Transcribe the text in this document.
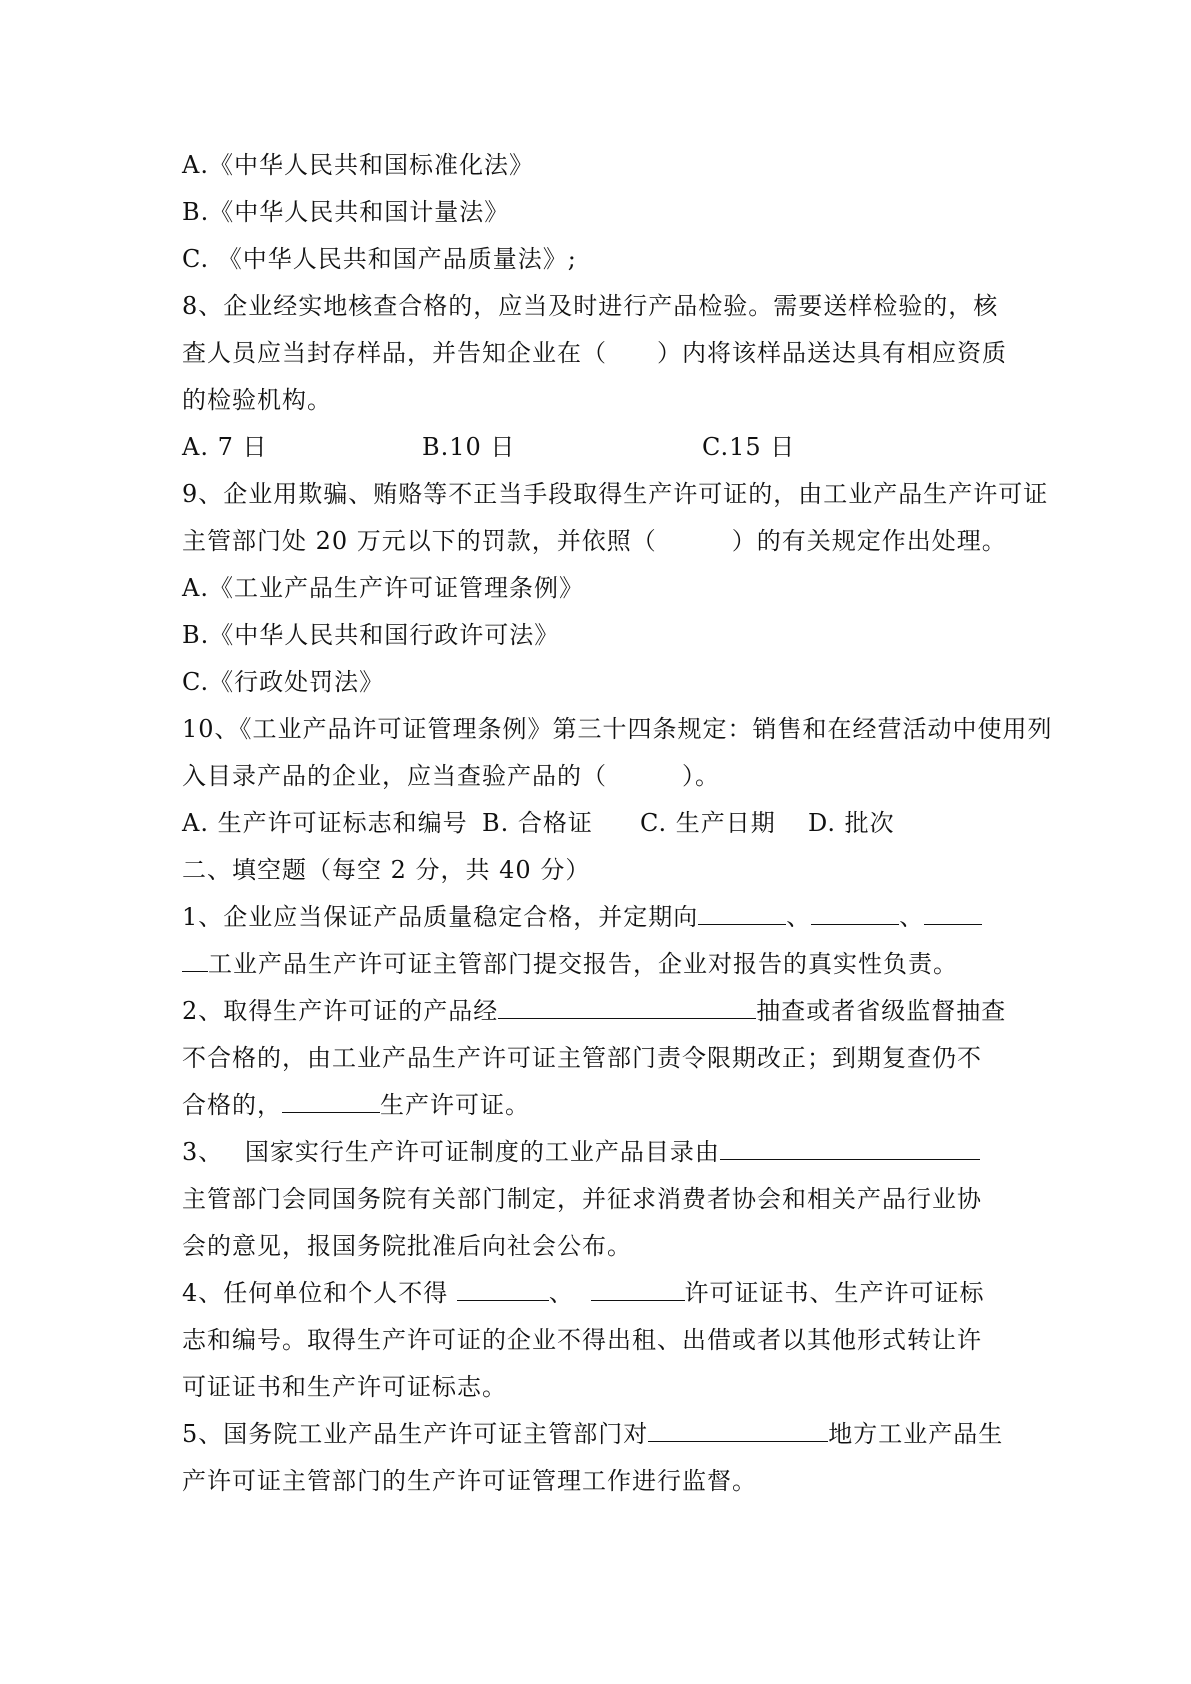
A.《中华人民共和国标准化法》
B.《中华人民共和国计量法》
C. 《中华人民共和国产品质量法》;
8、企业经实地核查合格的，应当及时进行产品检验。需要送样检验的，核
查人员应当封存样品，并告知企业在（　　）内将该样品送达具有相应资质
的检验机构。
A. 7 日	B.10 日	C.15 日
9、企业用欺骗、贿赂等不正当手段取得生产许可证的，由工业产品生产许可证
主管部门处 20 万元以下的罚款，并依照（　　　）的有关规定作出处理。
A.《工业产品生产许可证管理条例》
B.《中华人民共和国行政许可法》
C.《行政处罚法》
10、《工业产品许可证管理条例》第三十四条规定：销售和在经营活动中使用列
入目录产品的企业，应当查验产品的（　　　）。
A. 生产许可证标志和编号 B. 合格证 C. 生产日期 D. 批次
二、填空题（每空 2 分，共 40 分）
1、企业应当保证产品质量稳定合格，并定期向	、	、
工业产品生产许可证主管部门提交报告，企业对报告的真实性负责。
2、取得生产许可证的产品经	抽查或者省级监督抽查
不合格的，由工业产品生产许可证主管部门责令限期改正；到期复查仍不
合格的，	生产许可证。
3、　 国家实行生产许可证制度的工业产品目录由
主管部门会同国务院有关部门制定，并征求消费者协会和相关产品行业协
会的意见，报国务院批准后向社会公布。
4、任何单位和个人不得	、	许可证证书、生产许可证标
志和编号。取得生产许可证的企业不得出租、出借或者以其他形式转让许
可证证书和生产许可证标志。
5、国务院工业产品生产许可证主管部门对	地方工业产品生
产许可证主管部门的生产许可证管理工作进行监督。
